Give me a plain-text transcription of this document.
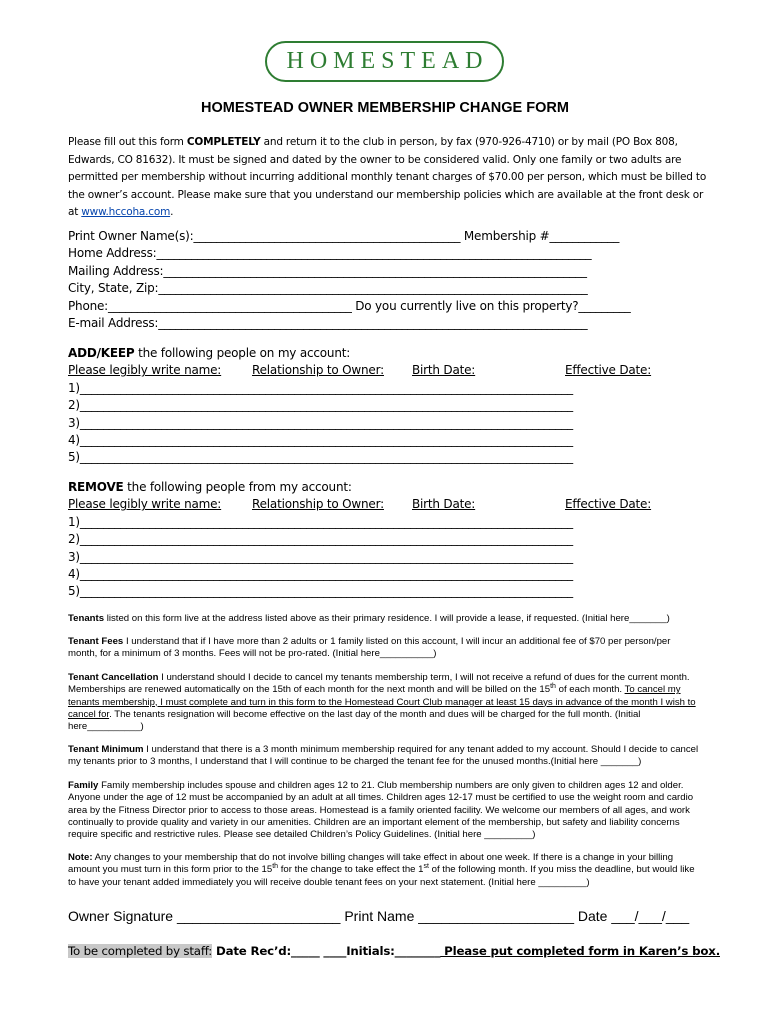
HOMESTEAD
HOMESTEAD OWNER MEMBERSHIP CHANGE FORM
Please fill out this form COMPLETELY and return it to the club in person, by fax (970-926-4710) or by mail (PO Box 808, Edwards, CO 81632). It must be signed and dated by the owner to be considered valid. Only one family or two adults are permitted per membership without incurring additional monthly tenant charges of $70.00 per person, which must be billed to the owner’s account. Please make sure that you understand our membership policies which are available at the front desk or at www.hccoha.com.
Print Owner Name(s):______________________________________________ Membership #____________
Home Address:___________________________________________________________________________
Mailing Address:_________________________________________________________________________
City, State, Zip:__________________________________________________________________________
Phone:__________________________________________ Do you currently live on this property?_________
E-mail Address:__________________________________________________________________________
ADD/KEEP the following people on my account:
Please legibly write name:	Relationship to Owner: Birth Date:	Effective Date:
1)_____________________________________________________________________________________
2)_____________________________________________________________________________________
3)_____________________________________________________________________________________
4)_____________________________________________________________________________________
5)_____________________________________________________________________________________
REMOVE the following people from my account:
Please legibly write name:	Relationship to Owner: Birth Date:	Effective Date:
1)_____________________________________________________________________________________
2)_____________________________________________________________________________________
3)_____________________________________________________________________________________
4)_____________________________________________________________________________________
5)_____________________________________________________________________________________

Tenants listed on this form live at the address listed above as their primary residence. I will provide a lease, if requested. (Initial here_______)

Tenant Fees I understand that if I have more than 2 adults or 1 family listed on this account, I will incur an additional fee of $70 per person/per month, for a minimum of 3 months. Fees will not be pro-rated. (Initial here__________)

Tenant Cancellation I understand should I decide to cancel my tenants membership term, I will not receive a refund of dues for the current month. Memberships are renewed automatically on the 15th of each month for the next month and will be billed on the 15th of each month. To cancel my tenants membership, I must complete and turn in this form to the Homestead Court Club manager at least 15 days in advance of the month I wish to cancel for. The tenants resignation will become effective on the last day of the month and dues will be charged for the full month. (Initial here__________)

Tenant Minimum I understand that there is a 3 month minimum membership required for any tenant added to my account. Should I decide to cancel my tenants prior to 3 months, I understand that I will continue to be charged the tenant fee for the unused months.(Initial here _______)

Family Family membership includes spouse and children ages 12 to 21. Club membership numbers are only given to children ages 12 and older. Anyone under the age of 12 must be accompanied by an adult at all times. Children ages 12-17 must be certified to use the weight room and cardio area by the Fitness Director prior to access to those areas. Homestead is a family oriented facility. We welcome our members of all ages, and work continually to provide quality and variety in our amenities. Children are an important element of the membership, but safety and liability concerns require specific and restrictive rules. Please see detailed Children’s Policy Guidelines. (Initial here _________)

Note: Any changes to your membership that do not involve billing changes will take effect in about one week. If there is a change in your billing amount you must turn in this form prior to the 15th for the change to take effect the 1st of the following month. If you miss the deadline, but would like to have your tenant added immediately you will receive double tenant fees on your next statement. (Initial here _________)

Owner Signature _____________________ Print Name ____________________ Date ___/___/___
To be completed by staff: Date Rec’d:_____ ____Initials:________ Please put completed form in Karen’s box.
